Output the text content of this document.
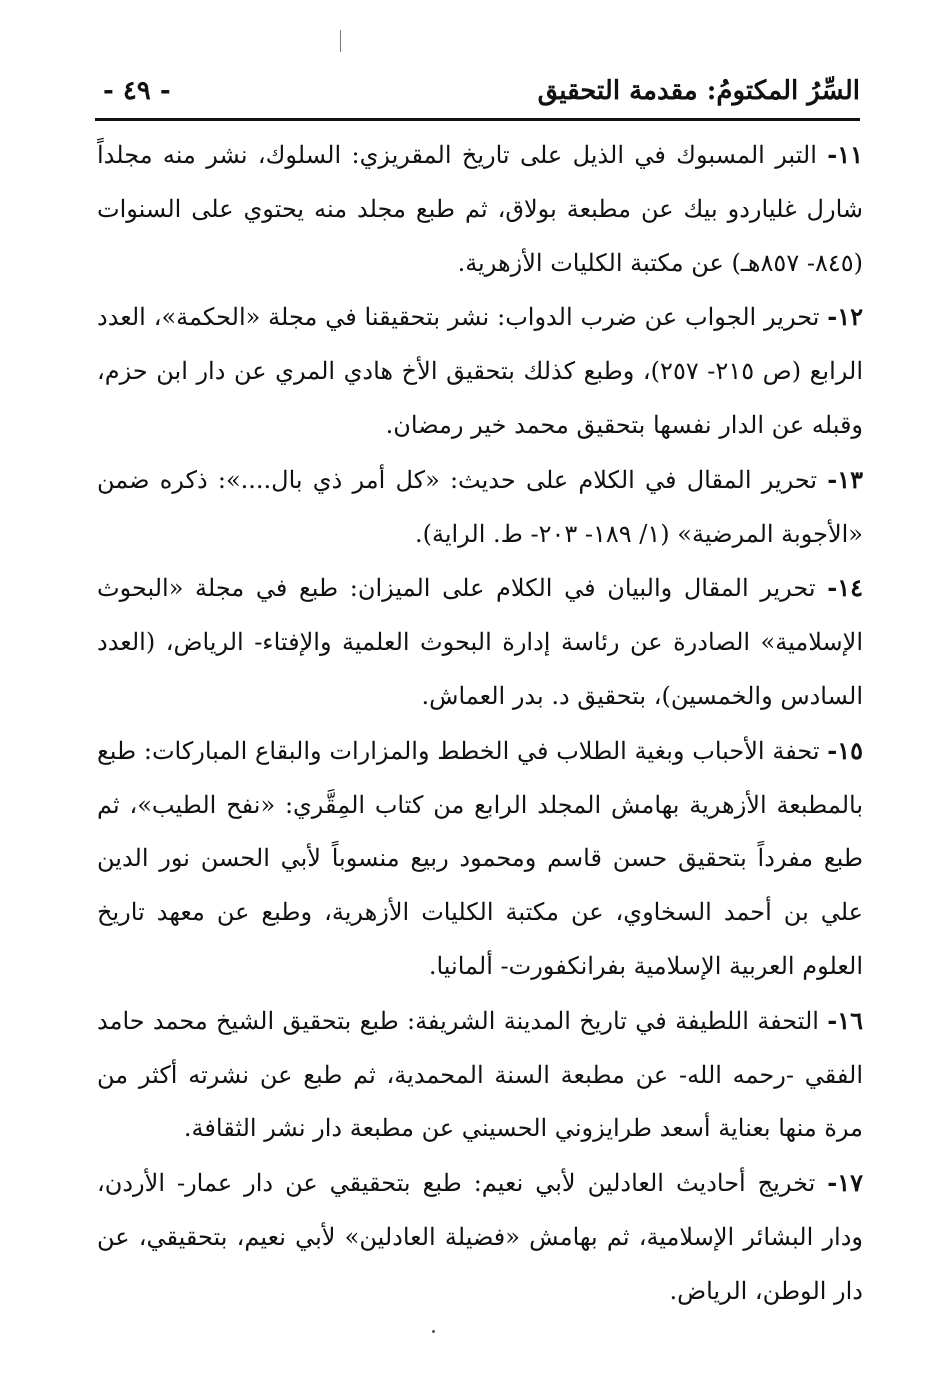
السِّرُ المكتومُ: مقدمة التحقيق
- ٤٩ -

١١- التبر المسبوك في الذيل على تاريخ المقريزي: السلوك، نشر منه مجلداً شارل غلياردو بيك عن مطبعة بولاق، ثم طبع مجلد منه يحتوي على السنوات (٨٤٥- ٨٥٧هـ) عن مكتبة الكليات الأزهرية.

١٢- تحرير الجواب عن ضرب الدواب: نشر بتحقيقنا في مجلة «الحكمة»، العدد الرابع (ص ٢١٥- ٢٥٧)، وطبع كذلك بتحقيق الأخ هادي المري عن دار ابن حزم، وقبله عن الدار نفسها بتحقيق محمد خير رمضان.

١٣- تحرير المقال في الكلام على حديث: «كل أمر ذي بال....»: ذكره ضمن «الأجوبة المرضية» (١/ ١٨٩- ٢٠٣- ط. الراية).

١٤- تحرير المقال والبيان في الكلام على الميزان: طبع في مجلة «البحوث الإسلامية» الصادرة عن رئاسة إدارة البحوث العلمية والإفتاء- الرياض، (العدد السادس والخمسين)، بتحقيق د. بدر العماش.

١٥- تحفة الأحباب وبغية الطلاب في الخطط والمزارات والبقاع المباركات: طبع بالمطبعة الأزهرية بهامش المجلد الرابع من كتاب المِقَّري: «نفح الطيب»، ثم طبع مفرداً بتحقيق حسن قاسم ومحمود ربيع منسوباً لأبي الحسن نور الدين علي بن أحمد السخاوي، عن مكتبة الكليات الأزهرية، وطبع عن معهد تاريخ العلوم العربية الإسلامية بفرانكفورت- ألمانيا.

١٦- التحفة اللطيفة في تاريخ المدينة الشريفة: طبع بتحقيق الشيخ محمد حامد الفقي -رحمه الله- عن مطبعة السنة المحمدية، ثم طبع عن نشرته أكثر من مرة منها بعناية أسعد طرايزوني الحسيني عن مطبعة دار نشر الثقافة.

١٧- تخريج أحاديث العادلين لأبي نعيم: طبع بتحقيقي عن دار عمار- الأردن، ودار البشائر الإسلامية، ثم بهامش «فضيلة العادلين» لأبي نعيم، بتحقيقي، عن دار الوطن، الرياض.
